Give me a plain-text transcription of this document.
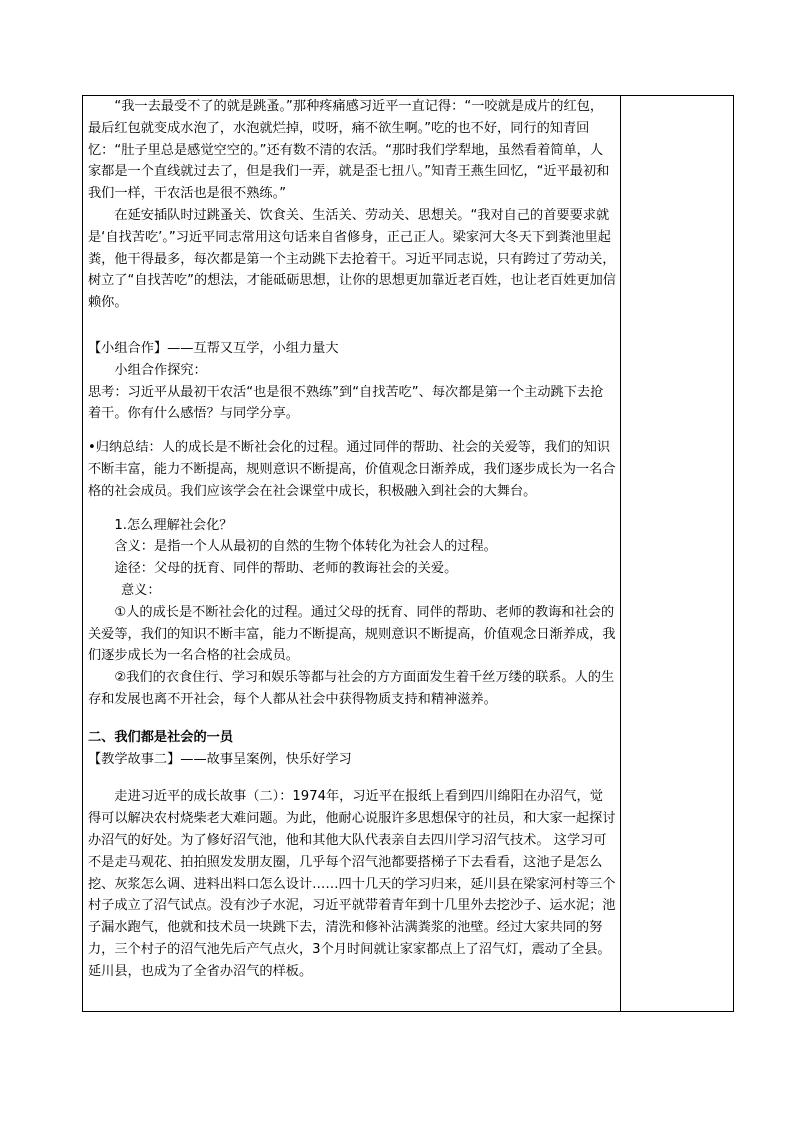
“我一去最受不了的就是跳蚤。”那种疼痛感习近平一直记得：“一咬就是成片的红包，最后红包就变成水泡了，水泡就烂掉，哎呀，痛不欲生啊。”吃的也不好，同行的知青回忆：“肚子里总是感觉空空的。”还有数不清的农活。“那时我们学犁地，虽然看着简单，人家都是一个直线就过去了，但是我们一弄，就是歪七扭八。”知青王燕生回忆，“近平最初和我们一样，干农活也是很不熟练。”

在延安插队时过跳蚤关、饮食关、生活关、劳动关、思想关。“我对自己的首要要求就是‘自找苦吃’。”习近平同志常用这句话来自省修身，正己正人。梁家河大冬天下到粪池里起粪，他干得最多，每次都是第一个主动跳下去抢着干。习近平同志说，只有跨过了劳动关，树立了“自找苦吃”的想法，才能砥砺思想，让你的思想更加靠近老百姓，也让老百姓更加信赖你。

【小组合作】——互帮又互学，小组力量大

小组合作探究：

思考：习近平从最初干农活“也是很不熟练”到“自找苦吃”、每次都是第一个主动跳下去抢着干。你有什么感悟？与同学分享。

•归纳总结：人的成长是不断社会化的过程。通过同伴的帮助、社会的关爱等，我们的知识不断丰富，能力不断提高，规则意识不断提高，价值观念日渐养成，我们逐步成长为一名合格的社会成员。我们应该学会在社会课堂中成长，积极融入到社会的大舞台。

1.怎么理解社会化？

含义：是指一个人从最初的自然的生物个体转化为社会人的过程。

途径：父母的抚育、同伴的帮助、老师的教诲社会的关爱。

意义：

①人的成长是不断社会化的过程。通过父母的抚育、同伴的帮助、老师的教诲和社会的关爱等，我们的知识不断丰富，能力不断提高，规则意识不断提高，价值观念日渐养成，我们逐步成长为一名合格的社会成员。

②我们的衣食住行、学习和娱乐等都与社会的方方面面发生着千丝万缕的联系。人的生存和发展也离不开社会，每个人都从社会中获得物质支持和精神滋养。

二、我们都是社会的一员

【教学故事二】——故事呈案例，快乐好学习

走进习近平的成长故事（二）：1974年，习近平在报纸上看到四川绵阳在办沼气，觉得可以解决农村烧柴老大难问题。为此，他耐心说服许多思想保守的社员，和大家一起探讨办沼气的好处。为了修好沼气池，他和其他大队代表亲自去四川学习沼气技术。 这学习可不是走马观花、拍拍照发发朋友圈，几乎每个沼气池都要搭梯子下去看看，这池子是怎么挖、灰浆怎么调、进料出料口怎么设计……四十几天的学习归来，延川县在梁家河村等三个村子成立了沼气试点。没有沙子水泥，习近平就带着青年到十几里外去挖沙子、运水泥；池子漏水跑气，他就和技术员一块跳下去，清洗和修补沾满粪浆的池壁。经过大家共同的努力，三个村子的沼气池先后产气点火，3个月时间就让家家都点上了沼气灯，震动了全县。延川县，也成为了全省办沼气的样板。
